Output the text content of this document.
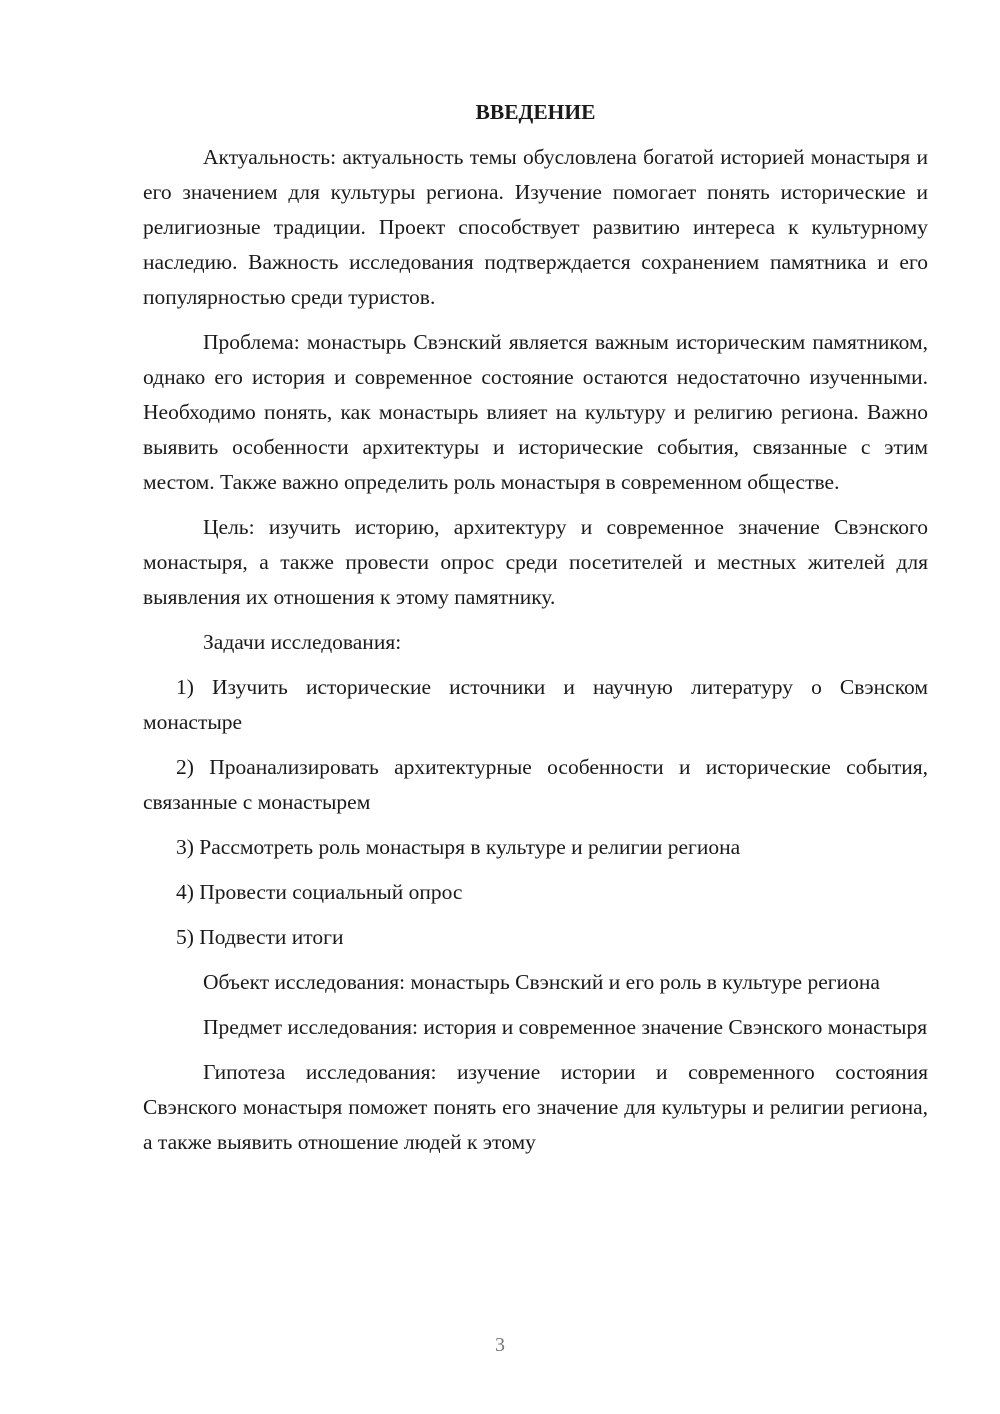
ВВЕДЕНИЕ

Актуальность: актуальность темы обусловлена богатой историей монастыря и его значением для культуры региона. Изучение помогает понять исторические и религиозные традиции. Проект способствует развитию интереса к культурному наследию. Важность исследования подтверждается сохранением памятника и его популярностью среди туристов.

Проблема: монастырь Свэнский является важным историческим памятником, однако его история и современное состояние остаются недостаточно изученными. Необходимо понять, как монастырь влияет на культуру и религию региона. Важно выявить особенности архитектуры и исторические события, связанные с этим местом. Также важно определить роль монастыря в современном обществе.

Цель: изучить историю, архитектуру и современное значение Свэнского монастыря, а также провести опрос среди посетителей и местных жителей для выявления их отношения к этому памятнику.

Задачи исследования:

1) Изучить исторические источники и научную литературу о Свэнском монастыре

2) Проанализировать архитектурные особенности и исторические события, связанные с монастырем

3) Рассмотреть роль монастыря в культуре и религии региона

4) Провести социальный опрос

5) Подвести итоги

Объект исследования: монастырь Свэнский и его роль в культуре региона

Предмет исследования: история и современное значение Свэнского монастыря

Гипотеза исследования: изучение истории и современного состояния Свэнского монастыря поможет понять его значение для культуры и религии региона, а также выявить отношение людей к этому

3
